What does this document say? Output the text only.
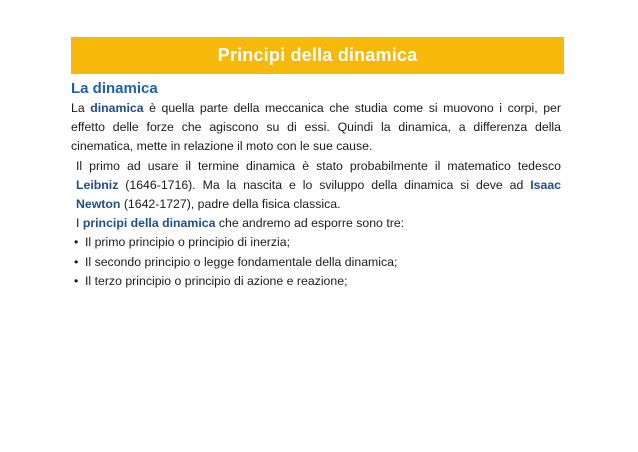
Principi della dinamica
La dinamica

La dinamica è quella parte della meccanica che studia come si muovono i corpi, per effetto delle forze che agiscono su di essi. Quindi la dinamica, a differenza della cinematica, mette in relazione il moto con le sue cause.

Il primo ad usare il termine dinamica è stato probabilmente il matematico tedesco Leibniz (1646-1716). Ma la nascita e lo sviluppo della dinamica si deve ad Isaac Newton (1642-1727), padre della fisica classica.

I principi della dinamica che andremo ad esporre sono tre:

• Il primo principio o principio di inerzia;
• Il secondo principio o legge fondamentale della dinamica;
• Il terzo principio o principio di azione e reazione;
